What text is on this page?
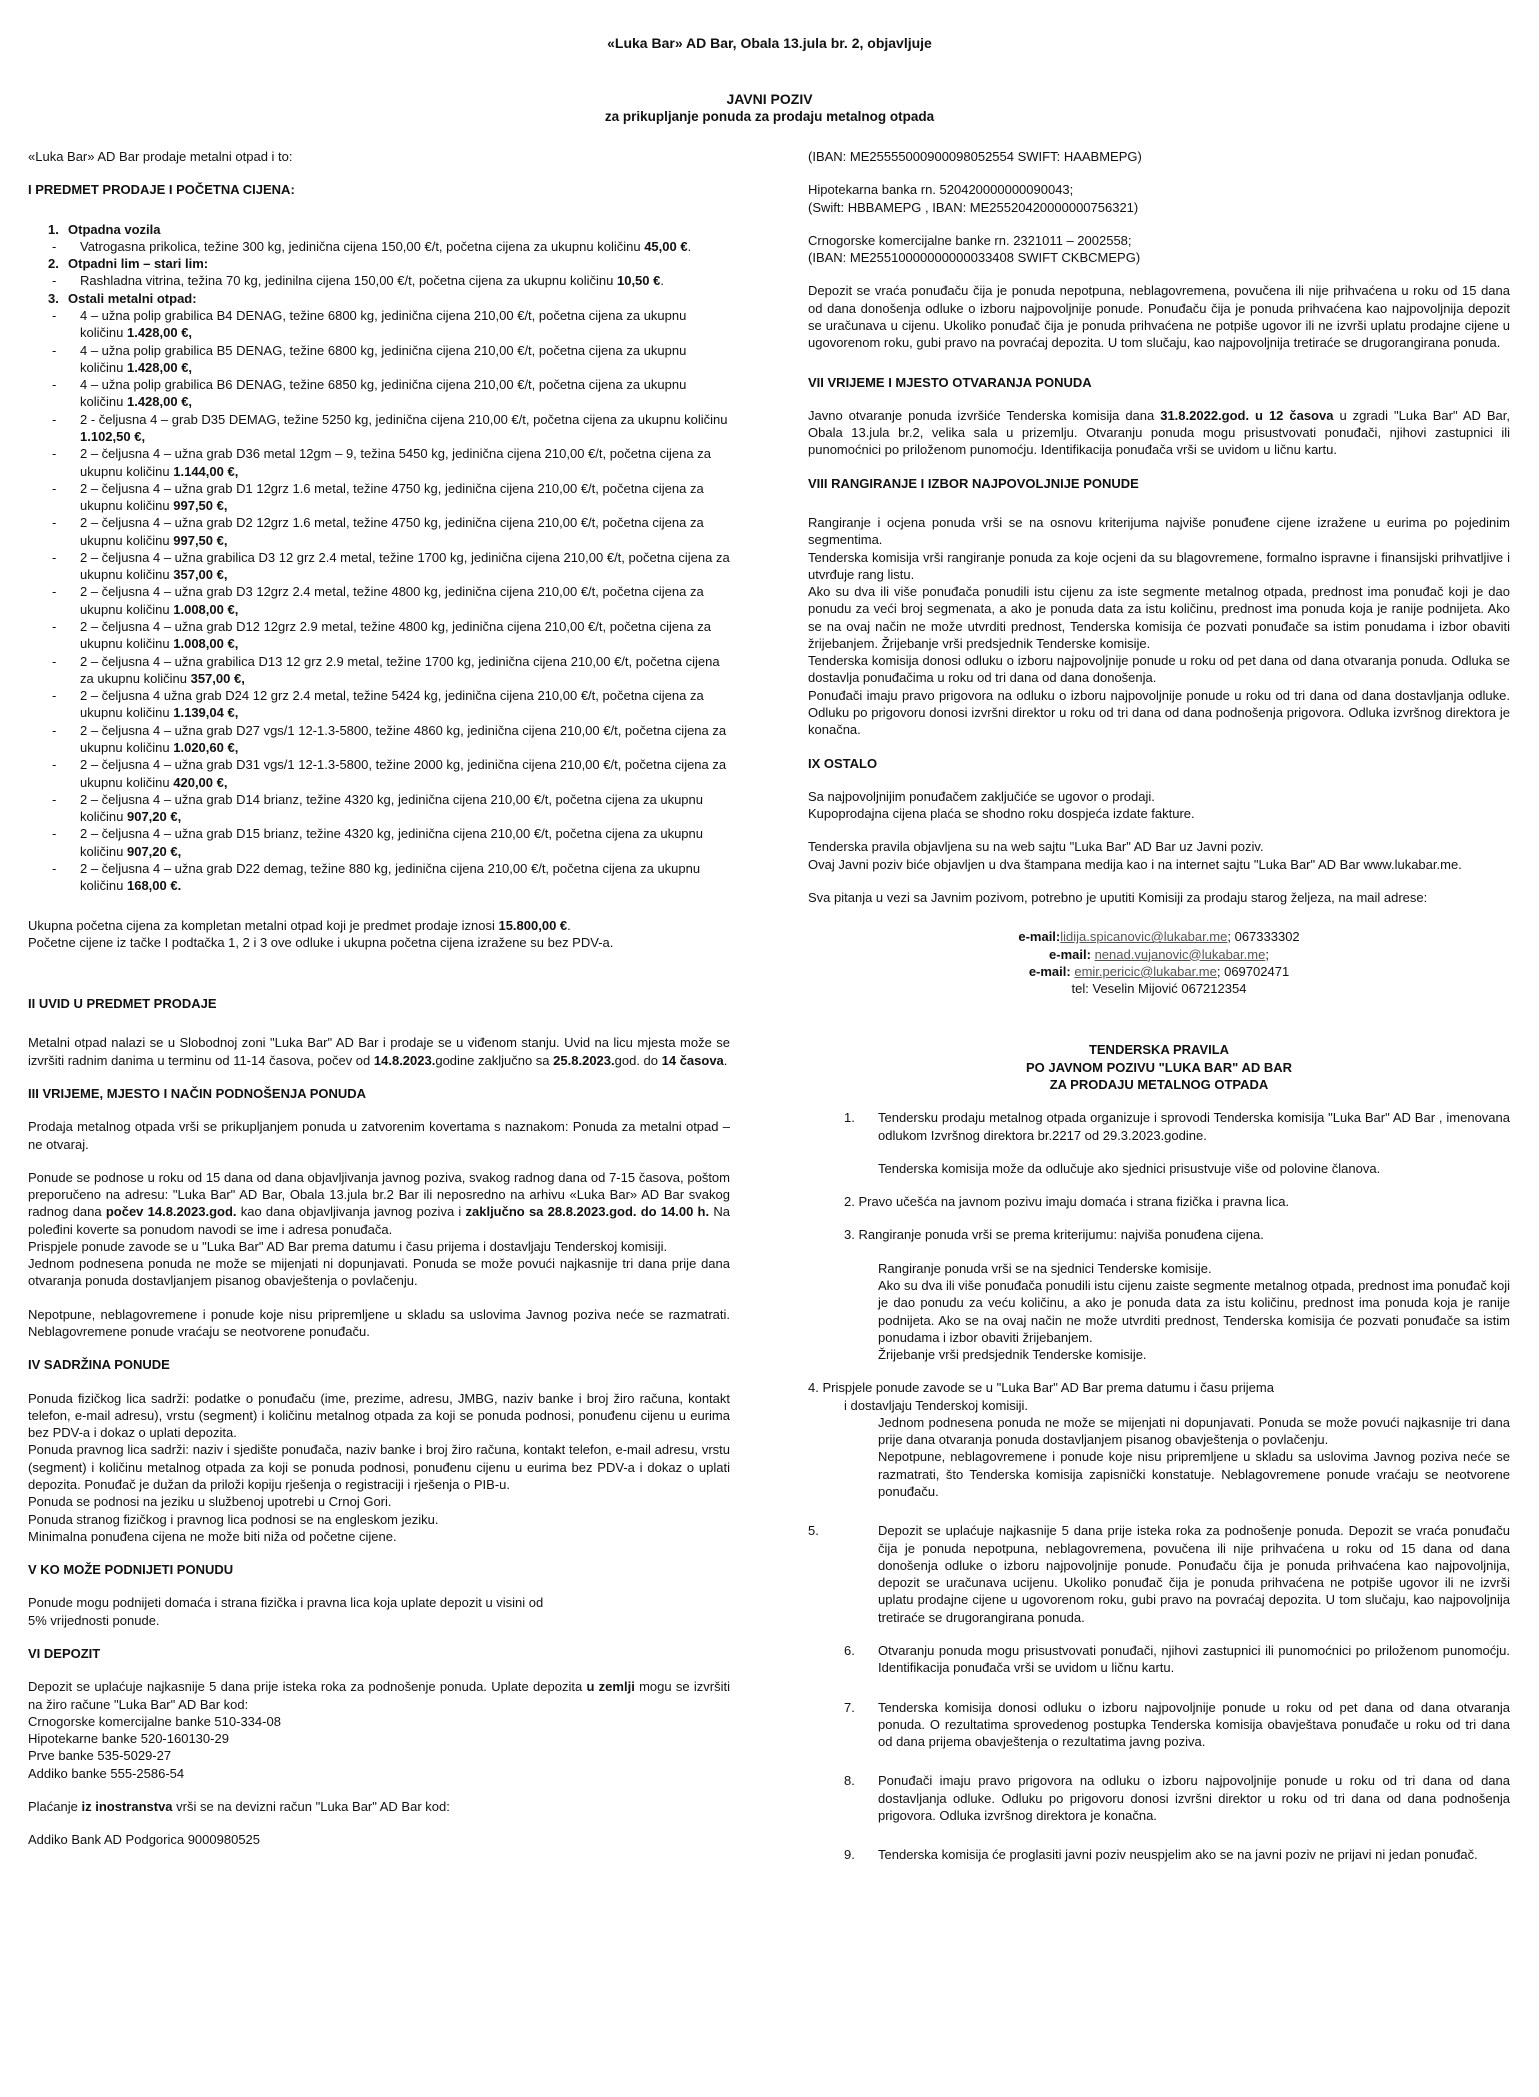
«Luka Bar» AD Bar, Obala 13.jula br. 2, objavljuje
JAVNI POZIV
za prikupljanje ponuda za prodaju metalnog otpada

«Luka Bar» AD Bar prodaje metalni otpad i to:

I PREDMET PRODAJE I POČETNA CIJENA:

1. Otpadna vozila
-	Vatrogasna prikolica, težine 300 kg, jedinična cijena 150,00 €/t, početna cijena za ukupnu količinu 45,00 €.
2. Otpadni lim – stari lim:
-	Rashladna vitrina, težina 70 kg, jedinilna cijena 150,00 €/t, početna cijena za ukupnu količinu 10,50 €.
3. Ostali metalni otpad:
-	4 – užna polip grabilica B4 DENAG, težine 6800 kg, jedinična cijena 210,00 €/t, početna cijena za ukupnu količinu 1.428,00 €,
-	4 – užna polip grabilica B5 DENAG, težine 6800 kg, jedinična cijena 210,00 €/t, početna cijena za ukupnu količinu 1.428,00 €,
-	4 – užna polip grabilica B6 DENAG, težine 6850 kg, jedinična cijena 210,00 €/t, početna cijena za ukupnu količinu 1.428,00 €,
-	2 - čeljusna 4 – grab D35 DEMAG, težine 5250 kg, jedinična cijena 210,00 €/t, početna cijena za ukupnu količinu 1.102,50 €,
-	2 – čeljusna 4 – užna grab D36 metal 12gm – 9, težina 5450 kg, jedinična cijena 210,00 €/t, početna cijena za ukupnu količinu 1.144,00 €,
-	2 – čeljusna 4 – užna grab D1 12grz 1.6 metal, težine 4750 kg, jedinična cijena 210,00 €/t, početna cijena za ukupnu količinu 997,50 €,
-	2 – čeljusna 4 – užna grab D2 12grz 1.6 metal, težine 4750 kg, jedinična cijena 210,00 €/t, početna cijena za ukupnu količinu 997,50 €,
-	2 – čeljusna 4 – užna grabilica D3 12 grz 2.4 metal, težine 1700 kg, jedinična cijena 210,00 €/t, početna cijena za ukupnu količinu 357,00 €,
-	2 – čeljusna 4 – užna grab D3 12grz 2.4 metal, težine 4800 kg, jedinična cijena 210,00 €/t, početna cijena za ukupnu količinu 1.008,00 €,
-	2 – čeljusna 4 – užna grab D12 12grz 2.9 metal, težine 4800 kg, jedinična cijena 210,00 €/t, početna cijena za ukupnu količinu 1.008,00 €,
-	2 – čeljusna 4 – užna grabilica D13 12 grz 2.9 metal, težine 1700 kg, jedinična cijena 210,00 €/t, početna cijena za ukupnu količinu 357,00 €,
-	2 – čeljusna 4 užna grab D24 12 grz 2.4 metal, težine 5424 kg, jedinična cijena 210,00 €/t, početna cijena za ukupnu količinu 1.139,04 €,
-	2 – čeljusna 4 – užna grab D27 vgs/1 12-1.3-5800, težine 4860 kg, jedinična cijena 210,00 €/t, početna cijena za ukupnu količinu 1.020,60 €,
-	2 – čeljusna 4 – užna grab D31 vgs/1 12-1.3-5800, težine 2000 kg, jedinična cijena 210,00 €/t, početna cijena za ukupnu količinu 420,00 €,
-	2 – čeljusna 4 – užna grab D14 brianz, težine 4320 kg, jedinična cijena 210,00 €/t, početna cijena za ukupnu količinu 907,20 €,
-	2 – čeljusna 4 – užna grab D15 brianz, težine 4320 kg, jedinična cijena 210,00 €/t, početna cijena za ukupnu količinu 907,20 €,
-	2 – čeljusna 4 – užna grab D22 demag, težine 880 kg, jedinična cijena 210,00 €/t, početna cijena za ukupnu količinu 168,00 €.

Ukupna početna cijena za kompletan metalni otpad koji je predmet prodaje iznosi 15.800,00 €.

Početne cijene iz tačke I podtačka 1, 2 i 3 ove odluke i ukupna početna cijena izražene su bez PDV-a.

II UVID U PREDMET PRODAJE

Metalni otpad nalazi se u Slobodnoj zoni "Luka Bar" AD Bar i prodaje se u viđenom stanju. Uvid na licu mjesta može se izvršiti radnim danima u terminu od 11-14 časova, počev od 14.8.2023.godine zaključno sa 25.8.2023.god. do 14 časova.

III VRIJEME, MJESTO I NAČIN PODNOŠENJA PONUDA

Prodaja metalnog otpada vrši se prikupljanjem ponuda u zatvorenim kovertama s naznakom: Ponuda za metalni otpad – ne otvaraj.

Ponude se podnose u roku od 15 dana od dana objavljivanja javnog poziva, svakog radnog dana od 7-15 časova, poštom preporučeno na adresu: "Luka Bar" AD Bar, Obala 13.jula br.2 Bar ili neposredno na arhivu «Luka Bar» AD Bar svakog radnog dana počev 14.8.2023.god. kao dana objavljivanja javnog poziva i zaključno sa 28.8.2023.god. do 14.00 h. Na poleđini koverte sa ponudom navodi se ime i adresa ponuđača.

Prispjele ponude zavode se u "Luka Bar" AD Bar prema datumu i času prijema i dostavljaju Tenderskoj komisiji.

Jednom podnesena ponuda ne može se mijenjati ni dopunjavati. Ponuda se može povući najkasnije tri dana prije dana otvaranja ponuda dostavljanjem pisanog obavještenja o povlačenju.

Nepotpune, neblagovremene i ponude koje nisu pripremljene u skladu sa uslovima Javnog poziva neće se razmatrati. Neblagovremene ponude vraćaju se neotvorene ponuđaču.

IV SADRŽINA PONUDE

Ponuda fizičkog lica sadrži: podatke o ponuđaču (ime, prezime, adresu, JMBG, naziv banke i broj žiro računa, kontakt telefon, e-mail adresu), vrstu (segment) i količinu metalnog otpada za koji se ponuda podnosi, ponuđenu cijenu u eurima bez PDV-a i dokaz o uplati depozita.

Ponuda pravnog lica sadrži: naziv i sjedište ponuđača, naziv banke i broj žiro računa, kontakt telefon, e-mail adresu, vrstu (segment) i količinu metalnog otpada za koji se ponuda podnosi, ponuđenu cijenu u eurima bez PDV-a i dokaz o uplati depozita. Ponuđač je dužan da priloži kopiju rješenja o registraciji i rješenja o PIB-u.

Ponuda se podnosi na jeziku u službenoj upotrebi u Crnoj Gori.

Ponuda stranog fizičkog i pravnog lica podnosi se na engleskom jeziku.

Minimalna ponuđena cijena ne može biti niža od početne cijene.

V KO MOŽE PODNIJETI PONUDU

Ponude mogu podnijeti domaća i strana fizička i pravna lica koja uplate depozit u visini od 5% vrijednosti ponude.

VI DEPOZIT

Depozit se uplaćuje najkasnije 5 dana prije isteka roka za podnošenje ponuda. Uplate depozita u zemlji mogu se izvršiti na žiro račune "Luka Bar" AD Bar kod:

Crnogorske komercijalne banke 510-334-08

Hipotekarne banke 520-160130-29

Prve banke 535-5029-27

Addiko banke 555-2586-54

Plaćanje iz inostranstva vrši se na devizni račun "Luka Bar" AD Bar kod:

Addiko Bank AD Podgorica 9000980525

(IBAN: ME25555000900098052554 SWIFT: HAABMEPG)

Hipotekarna banka rn. 520420000000090043;

(Swift: HBBAMEPG , IBAN: ME25520420000000756321)

Crnogorske komercijalne banke rn. 2321011 – 2002558;

(IBAN: ME25510000000000033408 SWIFT CKBCMEPG)

Depozit se vraća ponuđaču čija je ponuda nepotpuna, neblagovremena, povučena ili nije prihvaćena u roku od 15 dana od dana donošenja odluke o izboru najpovoljnije ponude. Ponuđaču čija je ponuda prihvaćena kao najpovoljnija depozit se uračunava u cijenu. Ukoliko ponuđač čija je ponuda prihvaćena ne potpiše ugovor ili ne izvrši uplatu prodajne cijene u ugovorenom roku, gubi pravo na povraćaj depozita. U tom slučaju, kao najpovoljnija tretiraće se drugorangirana ponuda.

VII VRIJEME I MJESTO OTVARANJA PONUDA

Javno otvaranje ponuda izvršiće Tenderska komisija dana 31.8.2022.god. u 12 časova u zgradi "Luka Bar" AD Bar, Obala 13.jula br.2, velika sala u prizemlju. Otvaranju ponuda mogu prisustvovati ponuđači, njihovi zastupnici ili punomoćnici po priloženom punomoćju. Identifikacija ponuđača vrši se uvidom u ličnu kartu.

VIII RANGIRANJE I IZBOR NAJPOVOLJNIJE PONUDE

Rangiranje i ocjena ponuda vrši se na osnovu kriterijuma najviše ponuđene cijene izražene u eurima po pojedinim segmentima.

Tenderska komisija vrši rangiranje ponuda za koje ocjeni da su blagovremene, formalno ispravne i finansijski prihvatljive i utvrđuje rang listu.

Ako su dva ili više ponuđača ponudili istu cijenu za iste segmente metalnog otpada, prednost ima ponuđač koji je dao ponudu za veći broj segmenata, a ako je ponuda data za istu količinu, prednost ima ponuda koja je ranije podnijeta. Ako se na ovaj način ne može utvrditi prednost, Tenderska komisija će pozvati ponuđače sa istim ponudama i izbor obaviti žrijebanjem. Žrijebanje vrši predsjednik Tenderske komisije.

Tenderska komisija donosi odluku o izboru najpovoljnije ponude u roku od pet dana od dana otvaranja ponuda. Odluka se dostavlja ponuđačima u roku od tri dana od dana donošenja.

Ponuđači imaju pravo prigovora na odluku o izboru najpovoljnije ponude u roku od tri dana od dana dostavljanja odluke. Odluku po prigovoru donosi izvršni direktor u roku od tri dana od dana podnošenja prigovora. Odluka izvršnog direktora je konačna.

IX OSTALO

Sa najpovoljnijim ponuđačem zaključiće se ugovor o prodaji.

Kupoprodajna cijena plaća se shodno roku dospjeća izdate fakture.

Tenderska pravila objavljena su na web sajtu "Luka Bar" AD Bar uz Javni poziv.

Ovaj Javni poziv biće objavljen u dva štampana medija kao i na internet sajtu "Luka Bar" AD Bar www.lukabar.me.

Sva pitanja u vezi sa Javnim pozivom, potrebno je uputiti Komisiji za prodaju starog željeza, na mail adrese:

e-mail:lidija.spicanovic@lukabar.me; 067333302

e-mail: nenad.vujanovic@lukabar.me;

e-mail: emir.pericic@lukabar.me; 069702471

tel: Veselin Mijović 067212354

TENDERSKA PRAVILA

PO JAVNOM POZIVU "LUKA BAR" AD BAR

ZA PRODAJU METALNOG OTPADA

1.	Tendersku prodaju metalnog otpada organizuje i sprovodi Tenderska komisija "Luka Bar" AD Bar , imenovana odlukom Izvršnog direktora br.2217 od 29.3.2023.godine.

Tenderska komisija može da odlučuje ako sjednici prisustvuje više od polovine članova.

2. Pravo učešća na javnom pozivu imaju domaća i strana fizička i pravna lica.

3. Rangiranje ponuda vrši se prema kriterijumu: najviša ponuđena cijena.

Rangiranje ponuda vrši se na sjednici Tenderske komisije.

Ako su dva ili više ponuđača ponudili istu cijenu zaiste segmente metalnog otpada, prednost ima ponuđač koji je dao ponudu za veću količinu, a ako je ponuda data za istu količinu, prednost ima ponuda koja je ranije podnijeta. Ako se na ovaj način ne može utvrditi prednost, Tenderska komisija će pozvati ponuđače sa istim ponudama i izbor obaviti žrijebanjem.

Žrijebanje vrši predsjednik Tenderske komisije.

4. Prispjele ponude zavode se u "Luka Bar" AD Bar prema datumu i času prijema

i dostavljaju Tenderskoj komisiji.

Jednom podnesena ponuda ne može se mijenjati ni dopunjavati. Ponuda se može povući najkasnije tri dana prije dana otvaranja ponuda dostavljanjem pisanog obavještenja o povlačenju.

Nepotpune, neblagovremene i ponude koje nisu pripremljene u skladu sa uslovima Javnog poziva neće se razmatrati, što Tenderska komisija zapisnički konstatuje. Neblagovremene ponude vraćaju se neotvorene ponuđaču.

5.	Depozit se uplaćuje najkasnije 5 dana prije isteka roka za podnošenje ponuda. Depozit se vraća ponuđaču čija je ponuda nepotpuna, neblagovremena, povučena ili nije prihvaćena u roku od 15 dana od dana donošenja odluke o izboru najpovoljnije ponude. Ponuđaču čija je ponuda prihvaćena kao najpovoljnija, depozit se uračunava ucijenu. Ukoliko ponuđač čija je ponuda prihvaćena ne potpiše ugovor ili ne izvrši uplatu prodajne cijene u ugovorenom roku, gubi pravo na povraćaj depozita. U tom slučaju, kao najpovoljnija tretiraće se drugorangirana ponuda.
6.	Otvaranju ponuda mogu prisustvovati ponuđači, njihovi zastupnici ili punomoćnici po priloženom punomoćju. Identifikacija ponuđača vrši se uvidom u ličnu kartu.
7.	Tenderska komisija donosi odluku o izboru najpovoljnije ponude u roku od pet dana od dana otvaranja ponuda. O rezultatima sprovedenog postupka Tenderska komisija obavještava ponuđače u roku od tri dana od dana prijema obavještenja o rezultatima javng poziva.
8.	Ponuđači imaju pravo prigovora na odluku o izboru najpovoljnije ponude u roku od tri dana od dana dostavljanja odluke. Odluku po prigovoru donosi izvršni direktor u roku od tri dana od dana podnošenja prigovora. Odluka izvršnog direktora je konačna.
9.	Tenderska komisija će proglasiti javni poziv neuspjelim ako se na javni poziv ne prijavi ni jedan ponuđač.
